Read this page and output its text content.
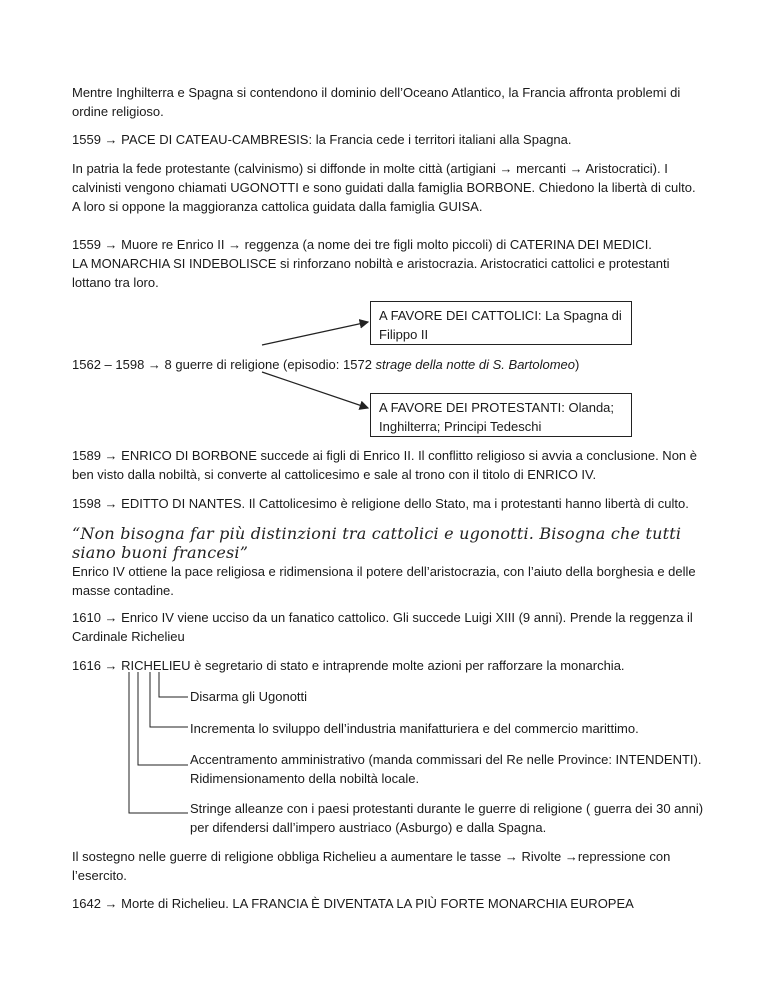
Mentre Inghilterra e Spagna si contendono il dominio dell’Oceano Atlantico, la Francia affronta problemi di ordine religioso.

1559 → PACE DI CATEAU-CAMBRESIS: la Francia cede i territori italiani alla Spagna.

In patria la fede protestante (calvinismo) si diffonde in molte città (artigiani → mercanti → Aristocratici). I calvinisti vengono chiamati UGONOTTI e sono guidati dalla famiglia BORBONE. Chiedono la libertà di culto. A loro si oppone la maggioranza cattolica guidata dalla famiglia GUISA.

1559 → Muore re Enrico II → reggenza (a nome dei tre figli molto piccoli) di CATERINA DEI MEDICI.

LA MONARCHIA SI INDEBOLISCE si rinforzano nobiltà e aristocrazia. Aristocratici cattolici e protestanti lottano tra loro.

A FAVORE DEI CATTOLICI: La Spagna di Filippo II

1562 – 1598 → 8 guerre di religione (episodio: 1572 strage della notte di S. Bartolomeo)

A FAVORE DEI PROTESTANTI: Olanda; Inghilterra; Principi Tedeschi

1589 → ENRICO DI BORBONE succede ai figli di Enrico II. Il conflitto religioso si avvia a conclusione. Non è ben visto dalla nobiltà, si converte al cattolicesimo e sale al trono con il titolo di ENRICO IV.

1598 → EDITTO DI NANTES. Il Cattolicesimo è religione dello Stato, ma i protestanti hanno libertà di culto.

“Non bisogna far più distinzioni tra cattolici e ugonotti. Bisogna che tutti siano buoni francesi”

Enrico IV ottiene la pace religiosa e ridimensiona il potere dell’aristocrazia, con l’aiuto della borghesia e delle masse contadine.

1610 → Enrico IV viene ucciso da un fanatico cattolico. Gli succede Luigi XIII (9 anni). Prende la reggenza il Cardinale Richelieu

1616 → RICHELIEU è segretario di stato e intraprende molte azioni per rafforzare la monarchia.

Disarma gli Ugonotti
Incrementa lo sviluppo dell’industria manifatturiera e del commercio marittimo.
Accentramento amministrativo (manda commissari del Re nelle Province: INTENDENTI). Ridimensionamento della nobiltà locale.
Stringe alleanze con i paesi protestanti durante le guerre di religione ( guerra dei 30 anni) per difendersi dall’impero austriaco (Asburgo) e dalla Spagna.

Il sostegno nelle guerre di religione obbliga Richelieu a aumentare le tasse → Rivolte →repressione con l’esercito.

1642 → Morte di Richelieu. LA FRANCIA È DIVENTATA LA PIÙ FORTE MONARCHIA EUROPEA
